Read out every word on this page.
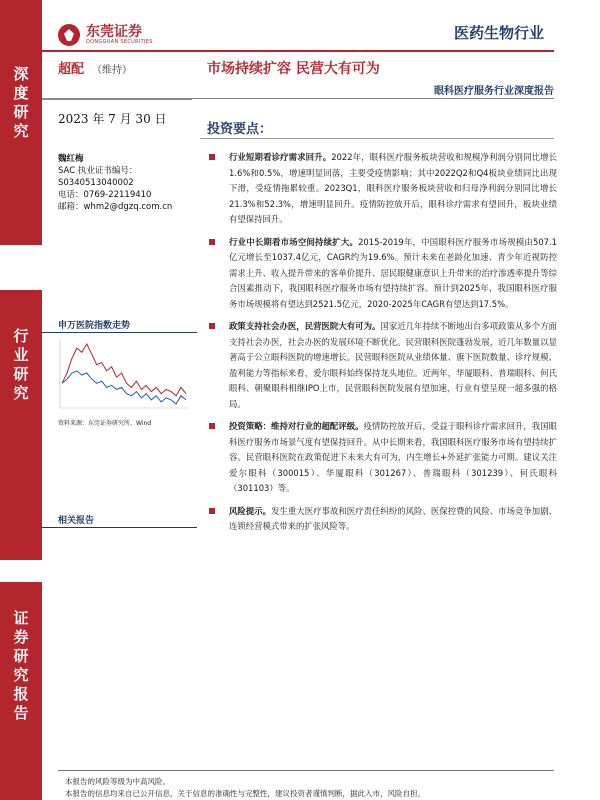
深度研究
行业研究
证券研究报告
东莞证券
DONGGUAN SECURITIES	医药生物行业
超配 （维持）	市场持续扩容 民营大有可为
眼科医疗服务行业深度报告
2023 年 7 月 30 日
魏红梅
SAC 执业证书编号：
S0340513040002
电话：0769-22119410
邮箱：whm2@dgzq.com.cn
申万医院指数走势
资料来源：东莞证券研究所，Wind
相关报告
投资要点：
行业短期看诊疗需求回升。2022年，眼科医疗服务板块营收和规模净利润分别同比增长1.6%和0.5%，增速明显回落，主要受疫情影响；其中2022Q2和Q4板块业绩同比出现下滑，受疫情拖累较重。2023Q1，眼科医疗服务板块营收和归母净利润分别同比增长21.3%和52.3%，增速明显回升。疫情防控放开后，眼科诊疗需求有望回升，板块业绩有望保持回升。
行业中长期看市场空间持续扩大。2015-2019年，中国眼科医疗服务市场规模由507.1亿元增长至1037.4亿元，CAGR约为19.6%。预计未来在老龄化加速、青少年近视防控需求上升、收入提升带来的客单价提升、居民眼健康意识上升带来的治疗渗透率提升等综合因素推动下，我国眼科医疗服务市场有望持续扩容。预计到2025年，我国眼科医疗服务市场规模将有望达到2521.5亿元，2020-2025年CAGR有望达到17.5%。
政策支持社会办医，民营医院大有可为。国家近几年持续不断地出台多项政策从多个方面支持社会办医，社会办医的发展环境不断优化。民营眼科医院蓬勃发展，近几年数量以显著高于公立眼科医院的增速增长。民营眼科医院从业绩体量、旗下医院数量、诊疗规模、盈利能力等指标来看，爱尔眼科始终保持龙头地位。近两年，华厦眼科、普瑞眼科、何氏眼科、朝聚眼科相继IPO上市，民营眼科医院发展有望加速，行业有望呈现一超多强的格局。
投资策略：维持对行业的超配评级。疫情防控放开后，受益于眼科诊疗需求回升，我国眼科医疗服务市场景气度有望保持回升。从中长期来看，我国眼科医疗服务市场有望持续扩容。民营眼科医院在政策促进下未来大有可为，内生增长+外延扩张能力可期。建议关注爱尔眼科（300015）、华厦眼科（301267）、普瑞眼科（301239）、何氏眼科（301103）等。
风险提示。发生重大医疗事故和医疗责任纠纷的风险、医保控费的风险、市场竞争加剧、连锁经营模式带来的扩张风险等。
本报告的风险等级为中高风险。
本报告的信息均来自已公开信息，关于信息的准确性与完整性，建议投资者谨慎判断，据此入市，风险自担。
